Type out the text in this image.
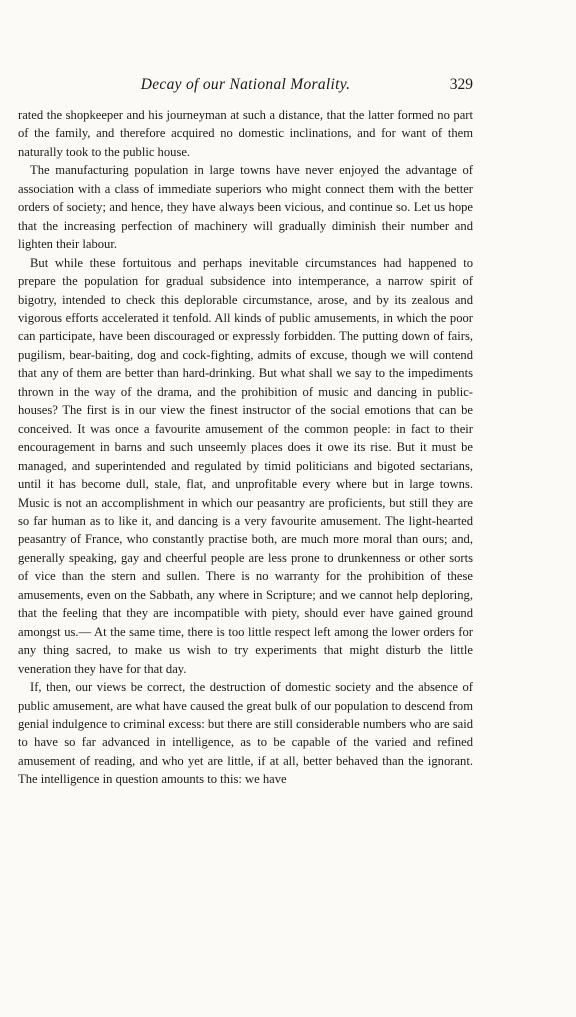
Decay of our National Morality.	329

rated the shopkeeper and his journeyman at such a distance, that the latter formed no part of the family, and therefore acquired no domestic inclinations, and for want of them naturally took to the public house.

The manufacturing population in large towns have never enjoyed the advantage of association with a class of immediate superiors who might connect them with the better orders of society; and hence, they have always been vicious, and continue so. Let us hope that the increasing perfection of machinery will gradually diminish their number and lighten their labour.

But while these fortuitous and perhaps inevitable circumstances had happened to prepare the population for gradual subsidence into intemperance, a narrow spirit of bigotry, intended to check this deplorable circumstance, arose, and by its zealous and vigorous efforts accelerated it tenfold. All kinds of public amusements, in which the poor can participate, have been discouraged or expressly forbidden. The putting down of fairs, pugilism, bear-baiting, dog and cock-fighting, admits of excuse, though we will contend that any of them are better than hard-drinking. But what shall we say to the impediments thrown in the way of the drama, and the prohibition of music and dancing in public-houses? The first is in our view the finest instructor of the social emotions that can be conceived. It was once a favourite amusement of the common people: in fact to their encouragement in barns and such unseemly places does it owe its rise. But it must be managed, and superintended and regulated by timid politicians and bigoted sectarians, until it has become dull, stale, flat, and unprofitable every where but in large towns. Music is not an accomplishment in which our peasantry are proficients, but still they are so far human as to like it, and dancing is a very favourite amusement. The light-hearted peasantry of France, who constantly practise both, are much more moral than ours; and, generally speaking, gay and cheerful people are less prone to drunkenness or other sorts of vice than the stern and sullen. There is no warranty for the prohibition of these amusements, even on the Sabbath, any where in Scripture; and we cannot help deploring, that the feeling that they are incompatible with piety, should ever have gained ground amongst us.— At the same time, there is too little respect left among the lower orders for any thing sacred, to make us wish to try experiments that might disturb the little veneration they have for that day.

If, then, our views be correct, the destruction of domestic society and the absence of public amusement, are what have caused the great bulk of our population to descend from genial indulgence to criminal excess: but there are still considerable numbers who are said to have so far advanced in intelligence, as to be capable of the varied and refined amusement of reading, and who yet are little, if at all, better behaved than the ignorant. The intelligence in question amounts to this: we have
